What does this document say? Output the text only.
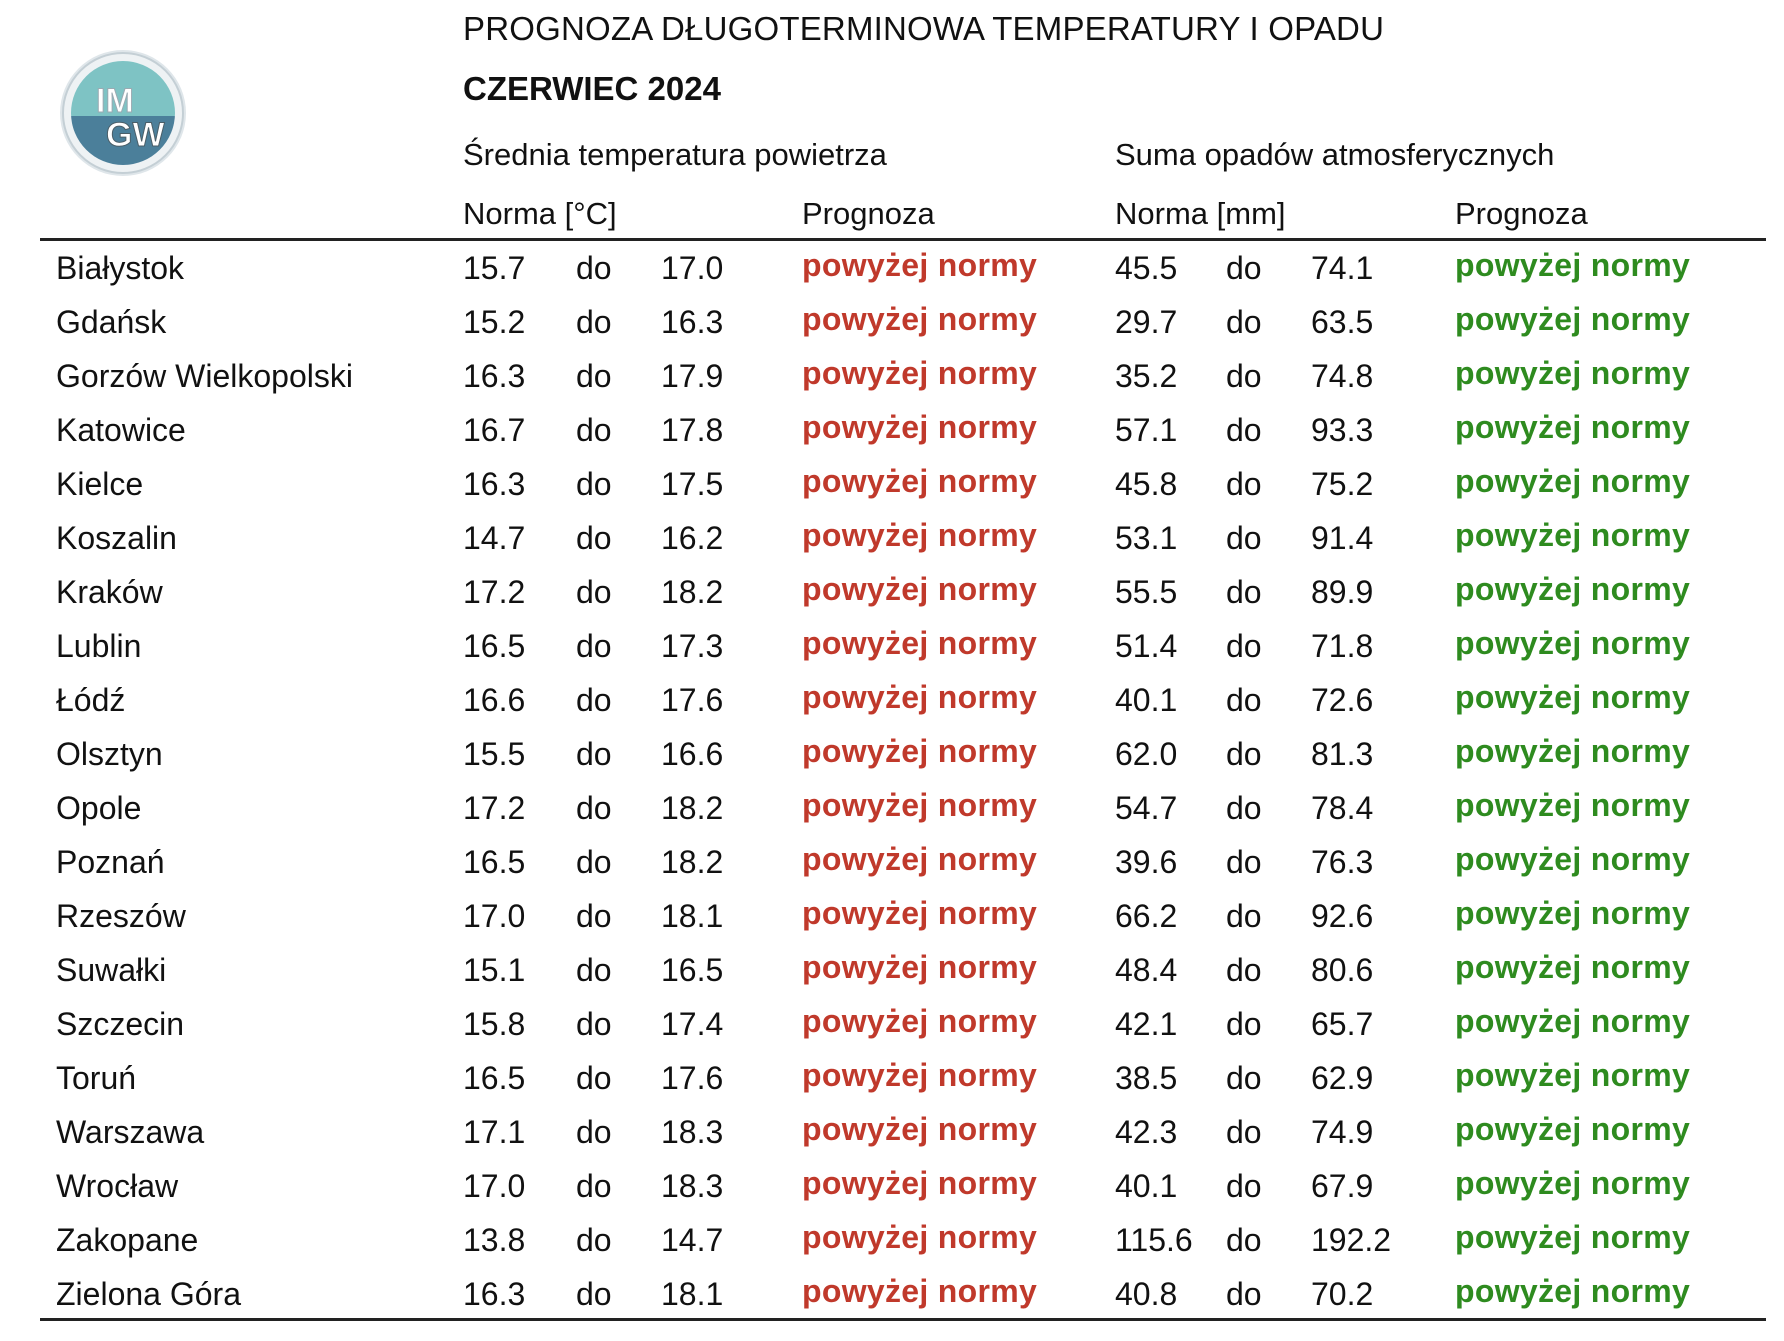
IM
GW
PROGNOZA DŁUGOTERMINOWA TEMPERATURY I OPADU
CZERWIEC 2024
Średnia temperatura powietrza	Suma opadów atmosferycznych
Norma [°C]	Prognoza	Norma [mm]	Prognoza
Białystok	15.7 do 17.0 powyżej normy 45.5 do 74.1	powyżej normy
Gdańsk	15.2 do 16.3 powyżej normy 29.7 do 63.5	powyżej normy
Gorzów Wielkopolski	16.3 do 17.9 powyżej normy 35.2 do 74.8	powyżej normy
Katowice	16.7 do 17.8 powyżej normy 57.1 do 93.3	powyżej normy
Kielce	16.3 do 17.5 powyżej normy 45.8 do 75.2	powyżej normy
Koszalin	14.7 do 16.2 powyżej normy 53.1 do 91.4	powyżej normy
Kraków	17.2 do 18.2 powyżej normy 55.5 do 89.9	powyżej normy
Lublin	16.5 do 17.3 powyżej normy 51.4 do 71.8	powyżej normy
Łódź	16.6 do 17.6 powyżej normy 40.1 do 72.6	powyżej normy
Olsztyn	15.5 do 16.6 powyżej normy 62.0 do 81.3	powyżej normy
Opole	17.2 do 18.2 powyżej normy 54.7 do 78.4	powyżej normy
Poznań	16.5 do 18.2 powyżej normy 39.6 do 76.3	powyżej normy
Rzeszów	17.0 do 18.1 powyżej normy 66.2 do 92.6	powyżej normy
Suwałki	15.1 do 16.5 powyżej normy 48.4 do 80.6	powyżej normy
Szczecin	15.8 do 17.4 powyżej normy 42.1 do 65.7	powyżej normy
Toruń	16.5 do 17.6 powyżej normy 38.5 do 62.9	powyżej normy
Warszawa	17.1 do 18.3 powyżej normy 42.3 do 74.9	powyżej normy
Wrocław	17.0 do 18.3 powyżej normy 40.1 do 67.9	powyżej normy
Zakopane	13.8 do 14.7 powyżej normy 115.6 do 192.2 powyżej normy
Zielona Góra	16.3 do 18.1 powyżej normy 40.8 do 70.2	powyżej normy
